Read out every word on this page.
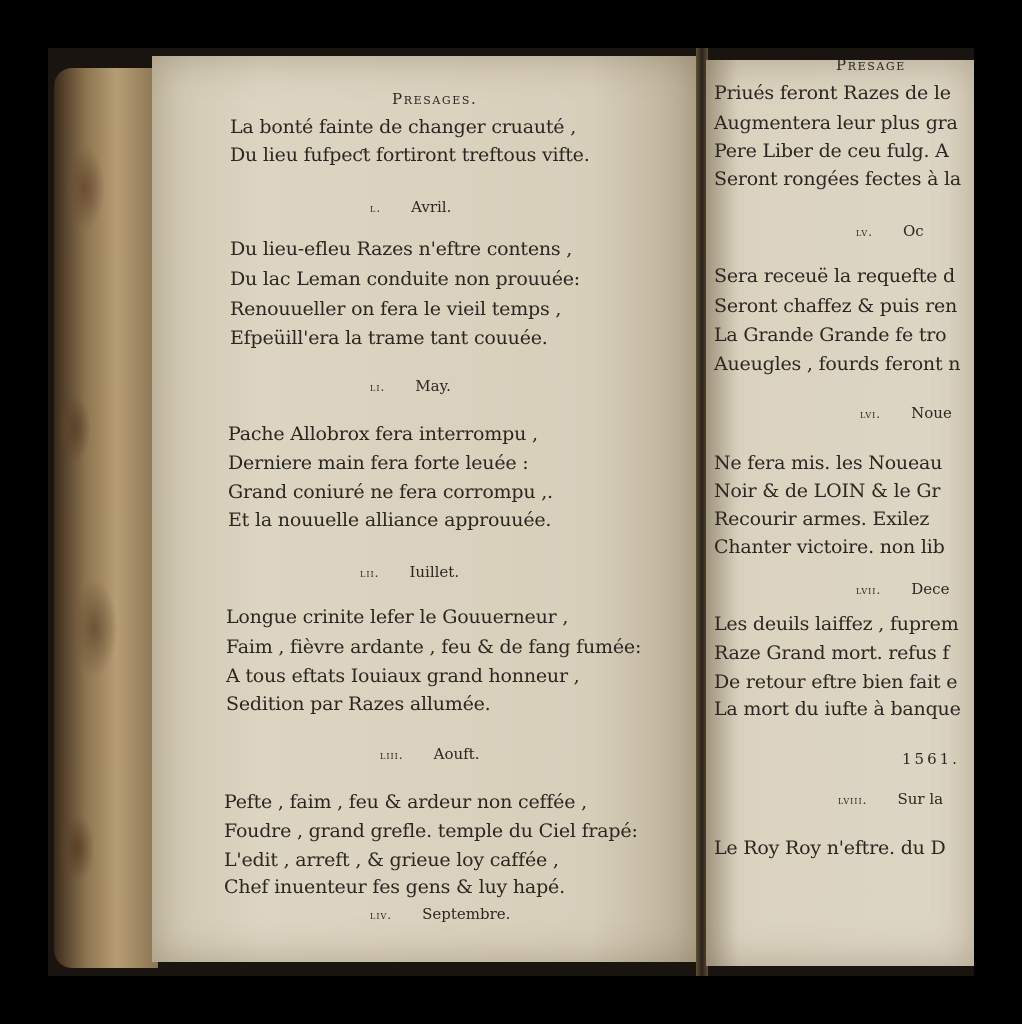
Presages.
La bonté fainte de changer cruauté ,
Du lieu fufpeƈt fortiront treftous vifte.
l. Avril.
Du lieu-efleu Razes n'eftre contens ,
Du lac Leman conduite non prouuée:
Renouueller on fera le vieil temps ,
Efpeüill'era la trame tant couuée.
li. May.
Pache Allobrox fera interrompu ,
Derniere main fera forte leuée :
Grand coniuré ne fera corrompu ,.
Et la nouuelle alliance approuuée.
lii. Iuillet.
Longue crinite lefer le Gouuerneur ,
Faim , fièvre ardante , feu & de fang fumée:
A tous eftats Iouiaux grand honneur ,
Sedition par Razes allumée.
liii. Aouft.
Pefte , faim , feu & ardeur non ceffée ,
Foudre , grand grefle. temple du Ciel frapé:
L'edit , arreft , & grieue loy caffée ,
Chef inuenteur fes gens & luy hapé.
liv. Septembre.
Presage
Priués feront Razes de le
Augmentera leur plus gra
Pere Liber de ceu fulg. A
Seront rongées fectes à la
lv. Oc
Sera receuë la requefte d
Seront chaffez & puis ren
La Grande Grande fe tro
Aueugles , fourds feront n
lvi. Noue
Ne fera mis. les Noueau
Noir & de LOIN & le Gr
Recourir armes. Exilez
Chanter victoire. non lib
lvii. Dece
Les deuils laiffez , fuprem
Raze Grand mort. refus f
De retour eftre bien fait e
La mort du iufte à banque
1561.
lviii. Sur la
Le Roy Roy n'eftre. du D
